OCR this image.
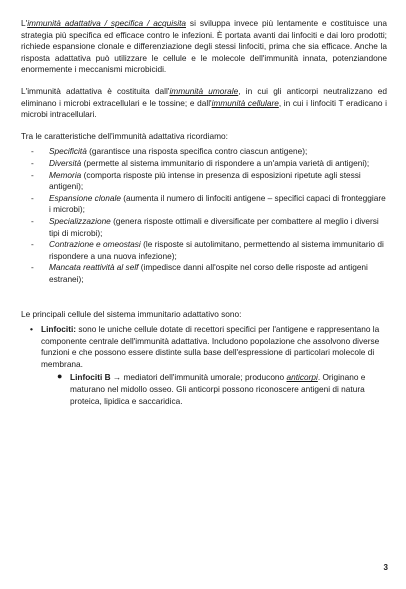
L'immunità adattativa / specifica / acquisita si sviluppa invece più lentamente e costituisce una strategia più specifica ed efficace contro le infezioni. È portata avanti dai linfociti e dai loro prodotti; richiede espansione clonale e differenziazione degli stessi linfociti, prima che sia efficace. Anche la risposta adattativa può utilizzare le cellule e le molecole dell'immunità innata, potenziandone enormemente i meccanismi microbicidi.

L'immunità adattativa è costituita dall'immunità umorale, in cui gli anticorpi neutralizzano ed eliminano i microbi extracellulari e le tossine; e dall'immunità cellulare, in cui i linfociti T eradicano i microbi intracellulari.

Tra le caratteristiche dell'immunità adattativa ricordiamo:
- Specificità (garantisce una risposta specifica contro ciascun antigene);
- Diversità (permette al sistema immunitario di rispondere a un'ampia varietà di antigeni);
- Memoria (comporta risposte più intense in presenza di esposizioni ripetute agli stessi antigeni);
- Espansione clonale (aumenta il numero di linfociti antigene – specifici capaci di fronteggiare i microbi);
- Specializzazione (genera risposte ottimali e diversificate per combattere al meglio i diversi tipi di microbi);
- Contrazione e omeostasi (le risposte si autolimitano, permettendo al sistema immunitario di rispondere a una nuova infezione);
- Mancata reattività al self (impedisce danni all'ospite nel corso delle risposte ad antigeni estranei);
Le principali cellule del sistema immunitario adattativo sono:
• Linfociti: sono le uniche cellule dotate di recettori specifici per l'antigene e rappresentano la componente centrale dell'immunità adattativa. Includono popolazione che assolvono diverse funzioni e che possono essere distinte sulla base dell'espressione di particolari molecole di membrana.
● Linfociti B → mediatori dell'immunità umorale; producono anticorpi. Originano e maturano nel midollo osseo. Gli anticorpi possono riconoscere antigeni di natura proteica, lipidica e saccaridica.
3
